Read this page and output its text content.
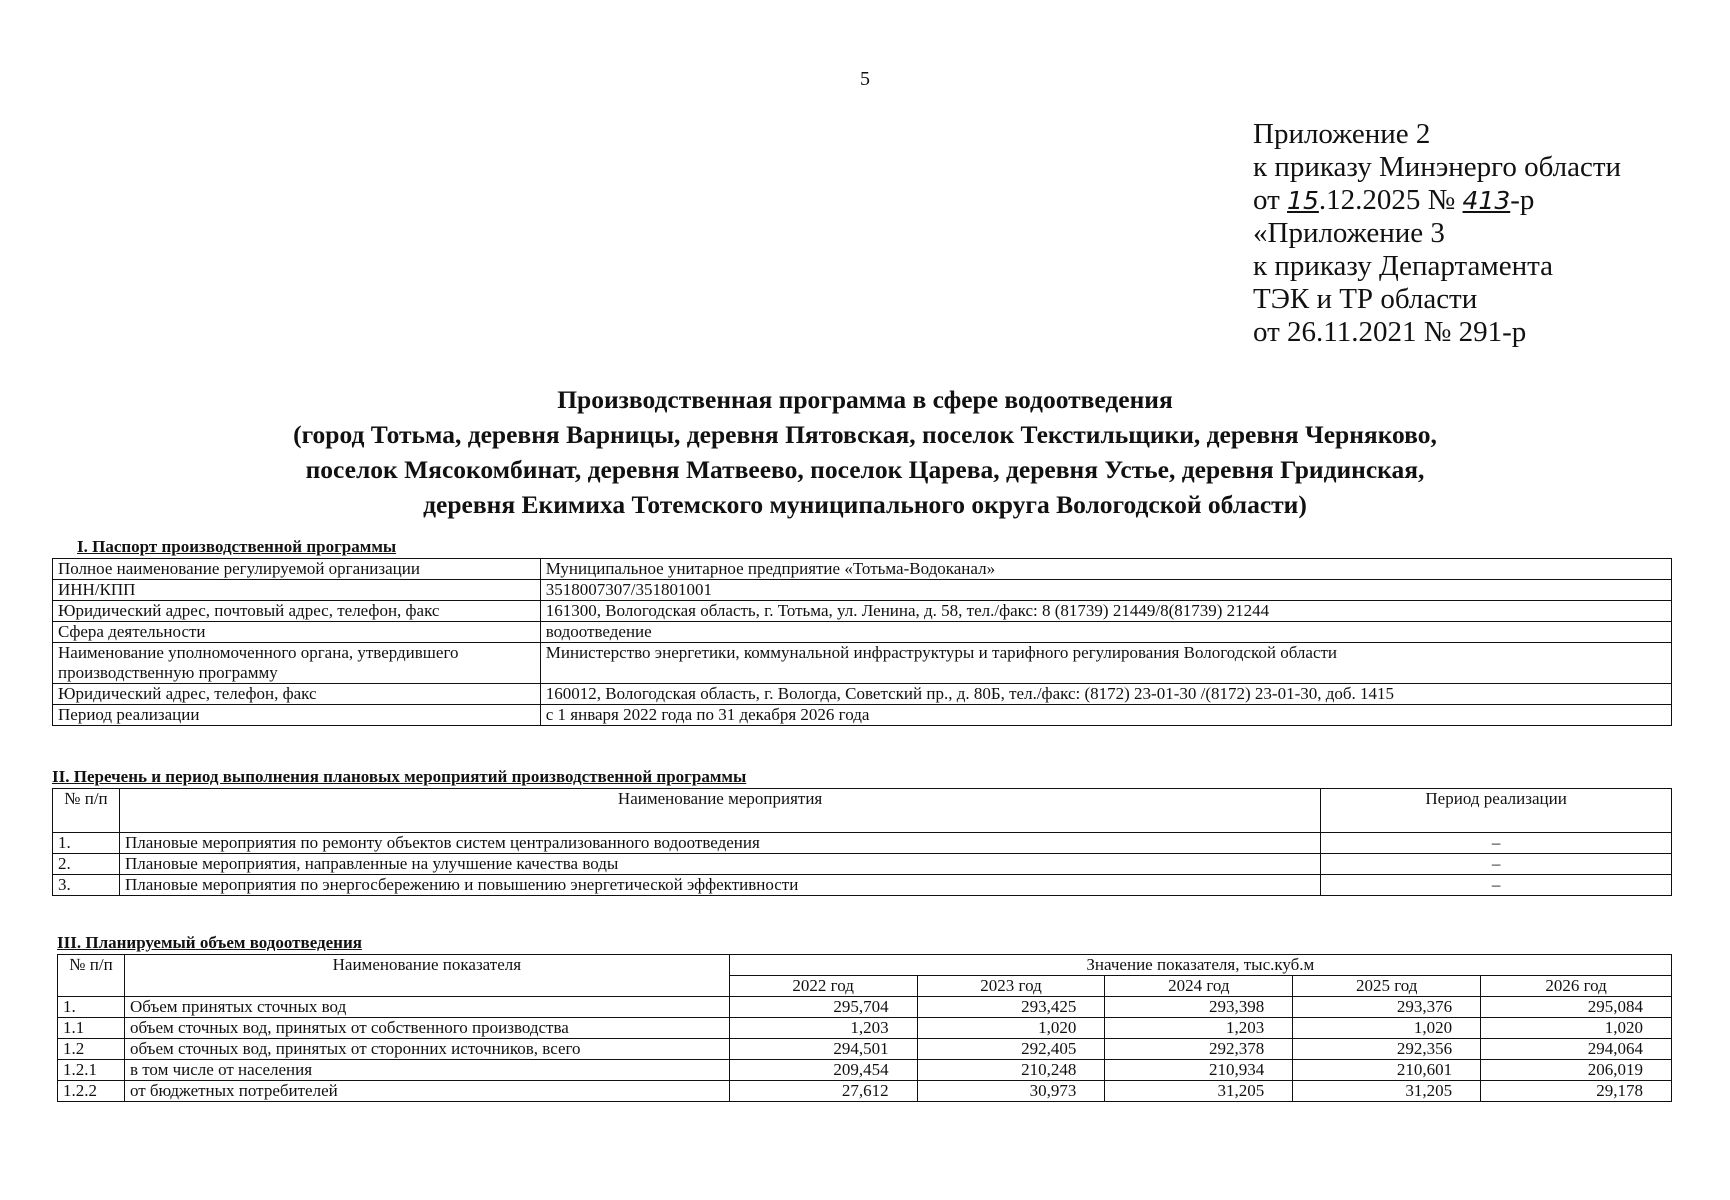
5
Приложение 2
к приказу Минэнерго области
от 15.12.2025 № 413-р
«Приложение 3
к приказу Департамента
ТЭК и ТР области
от 26.11.2021 № 291-р
Производственная программа в сфере водоотведения
(город Тотьма, деревня Варницы, деревня Пятовская, поселок Текстильщики, деревня Черняково,
поселок Мясокомбинат, деревня Матвеево, поселок Царева, деревня Устье, деревня Гридинская,
деревня Екимиха Тотемского муниципального округа Вологодской области)
I. Паспорт производственной программы
Полное наименование регулируемой организации	Муниципальное унитарное предприятие «Тотьма-Водоканал»
ИНН/КПП	3518007307/351801001
Юридический адрес, почтовый адрес, телефон, факс	161300, Вологодская область, г. Тотьма, ул. Ленина, д. 58, тел./факс: 8 (81739) 21449/8(81739) 21244
Сфера деятельности	водоотведение
Наименование уполномоченного органа, утвердившего производственную программу	Министерство энергетики, коммунальной инфраструктуры и тарифного регулирования Вологодской области
Юридический адрес, телефон, факс	160012, Вологодская область, г. Вологда, Советский пр., д. 80Б, тел./факс: (8172) 23-01-30 /(8172) 23-01-30, доб. 1415
Период реализации	с 1 января 2022 года по 31 декабря 2026 года
II. Перечень и период выполнения плановых мероприятий производственной программы
№ п/п	Наименование мероприятия	Период реализации
1.	Плановые мероприятия по ремонту объектов систем централизованного водоотведения	–
2.	Плановые мероприятия, направленные на улучшение качества воды	–
3.	Плановые мероприятия по энергосбережению и повышению энергетической эффективности	–
III. Планируемый объем водоотведения
№ п/п	Наименование показателя	Значение показателя, тыс.куб.м				
		2022 год	2023 год	2024 год	2025 год	2026 год
1.	Объем принятых сточных вод	295,704	293,425	293,398	293,376	295,084
1.1	объем сточных вод, принятых от собственного производства	1,203	1,020	1,203	1,020	1,020
1.2	объем сточных вод, принятых от сторонних источников, всего	294,501	292,405	292,378	292,356	294,064
1.2.1	в том числе от населения	209,454	210,248	210,934	210,601	206,019
1.2.2	от бюджетных потребителей	27,612	30,973	31,205	31,205	29,178
